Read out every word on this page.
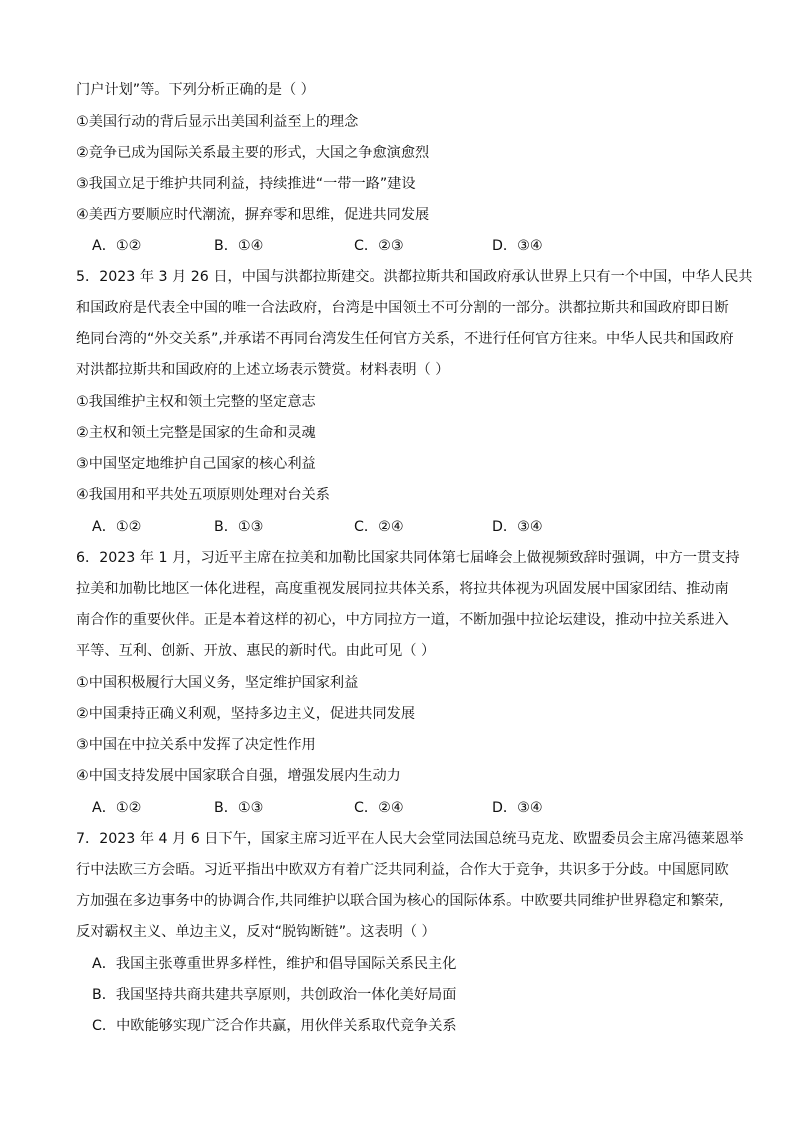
门户计划”等。下列分析正确的是（ ）
①美国行动的背后显示出美国利益至上的理念
②竞争已成为国际关系最主要的形式，大国之争愈演愈烈
③我国立足于维护共同利益，持续推进“一带一路”建设
④美西方要顺应时代潮流，摒弃零和思维，促进共同发展
A．①②	B．①④	C．②③	D．③④
5．2023 年 3 月 26 日，中国与洪都拉斯建交。洪都拉斯共和国政府承认世界上只有一个中国，中华人民共
和国政府是代表全中国的唯一合法政府，台湾是中国领土不可分割的一部分。洪都拉斯共和国政府即日断
绝同台湾的“外交关系”,并承诺不再同台湾发生任何官方关系，不进行任何官方往来。中华人民共和国政府
对洪都拉斯共和国政府的上述立场表示赞赏。材料表明（ ）
①我国维护主权和领土完整的坚定意志
②主权和领土完整是国家的生命和灵魂
③中国坚定地维护自己国家的核心利益
④我国用和平共处五项原则处理对台关系
A．①②	B．①③	C．②④	D．③④
6．2023 年 1 月，习近平主席在拉美和加勒比国家共同体第七届峰会上做视频致辞时强调，中方一贯支持
拉美和加勒比地区一体化进程，高度重视发展同拉共体关系，将拉共体视为巩固发展中国家团结、推动南
南合作的重要伙伴。正是本着这样的初心，中方同拉方一道，不断加强中拉论坛建设，推动中拉关系进入
平等、互利、创新、开放、惠民的新时代。由此可见（ ）
①中国积极履行大国义务，坚定维护国家利益
②中国秉持正确义利观，坚持多边主义，促进共同发展
③中国在中拉关系中发挥了决定性作用
④中国支持发展中国家联合自强，增强发展内生动力
A．①②	B．①③	C．②④	D．③④
7．2023 年 4 月 6 日下午，国家主席习近平在人民大会堂同法国总统马克龙、欧盟委员会主席冯德莱恩举
行中法欧三方会晤。习近平指出中欧双方有着广泛共同利益，合作大于竞争，共识多于分歧。中国愿同欧
方加强在多边事务中的协调合作,共同维护以联合国为核心的国际体系。中欧要共同维护世界稳定和繁荣,
反对霸权主义、单边主义，反对“脱钩断链”。这表明（ ）
A．我国主张尊重世界多样性，维护和倡导国际关系民主化
B．我国坚持共商共建共享原则，共创政治一体化美好局面
C．中欧能够实现广泛合作共赢，用伙伴关系取代竞争关系
